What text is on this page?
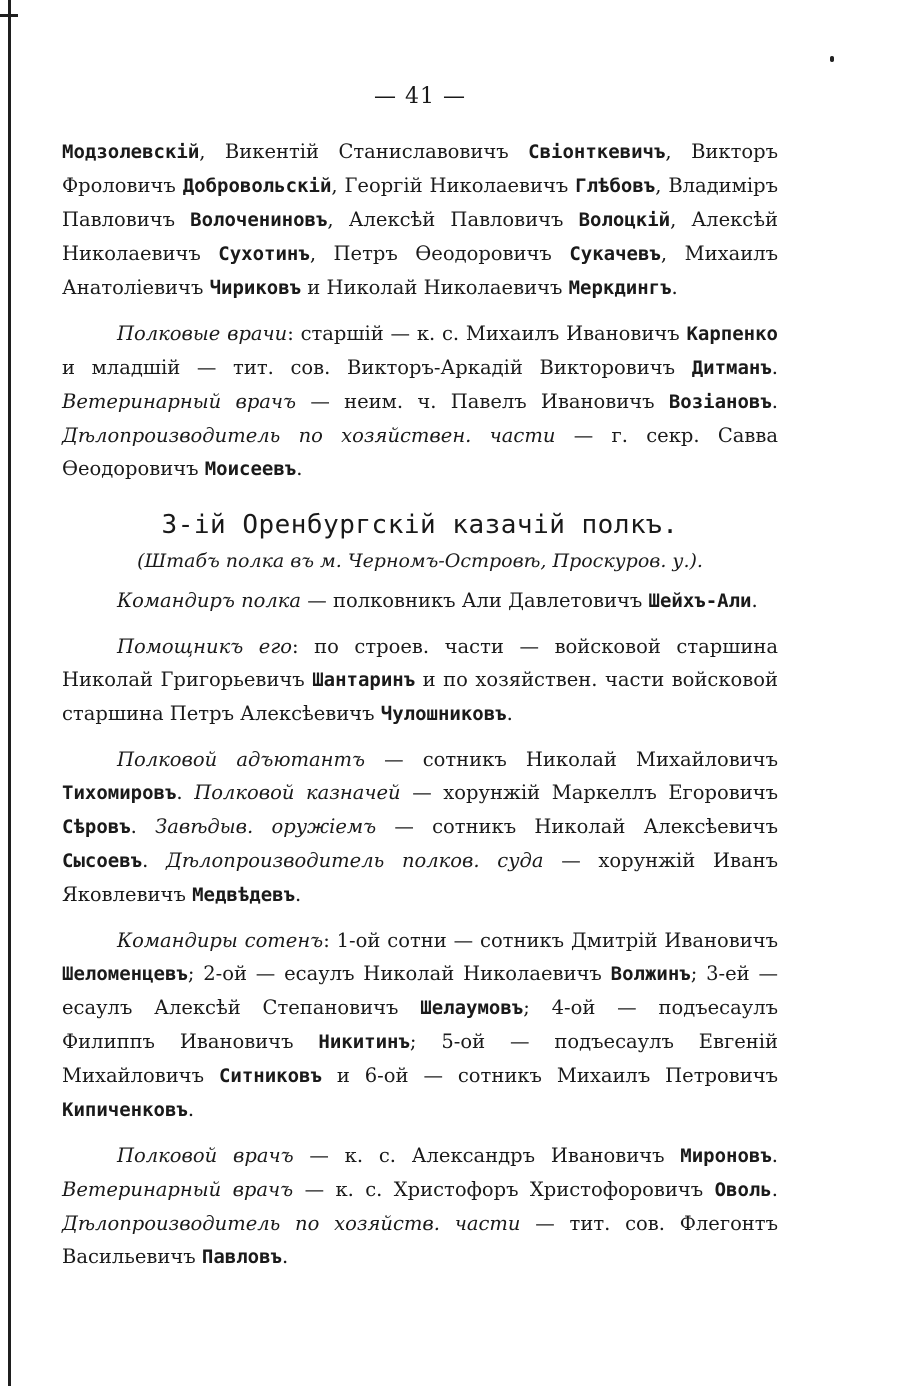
— 41 —

Модзолевскій, Викентій Станиславовичъ Свіонткевичъ, Викторъ Фроловичъ Добровольскій, Георгій Николаевичъ Глѣбовъ, Владиміръ Павловичъ Волочениновъ, Алексѣй Павловичъ Волоцкій, Алексѣй Николаевичъ Сухотинъ, Петръ Ѳеодоровичъ Сукачевъ, Михаилъ Анатоліевичъ Чириковъ и Николай Николаевичъ Меркдингъ.

Полковые врачи: старшій — к. с. Михаилъ Ивановичъ Карпенко и младшій — тит. сов. Викторъ-Аркадій Викторовичъ Дитманъ. Ветеринарный врачъ — неим. ч. Павелъ Ивановичъ Возіановъ. Дѣлопроизводитель по хозяйствен. части — г. секр. Савва Ѳеодоровичъ Моисеевъ.

3-ій Оренбургскій казачій полкъ.
(Штабъ полка въ м. Черномъ-Островѣ, Проскуров. у.).

Командиръ полка — полковникъ Али Давлетовичъ Шейхъ-Али.

Помощникъ его: по строев. части — войсковой старшина Николай Григорьевичъ Шантаринъ и по хозяйствен. части войсковой старшина Петръ Алексѣевичъ Чулошниковъ.

Полковой адъютантъ — сотникъ Николай Михайловичъ Тихомировъ. Полковой казначей — хорунжій Маркеллъ Егоровичъ Сѣровъ. Завѣдыв. оружіемъ — сотникъ Николай Алексѣевичъ Сысоевъ. Дѣлопроизводитель полков. суда — хорунжій Иванъ Яковлевичъ Медвѣдевъ.

Командиры сотенъ: 1-ой сотни — сотникъ Дмитрій Ивановичъ Шеломенцевъ; 2-ой — есаулъ Николай Николаевичъ Волжинъ; 3-ей — есаулъ Алексѣй Степановичъ Шелаумовъ; 4-ой — подъесаулъ Филиппъ Ивановичъ Никитинъ; 5-ой — подъесаулъ Евгеній Михайловичъ Ситниковъ и 6-ой — сотникъ Михаилъ Петровичъ Кипиченковъ.

Полковой врачъ — к. с. Александръ Ивановичъ Мироновъ. Ветеринарный врачъ — к. с. Христофоръ Христофоровичъ Оволь. Дѣлопроизводитель по хозяйств. части — тит. сов. Флегонтъ Васильевичъ Павловъ.
